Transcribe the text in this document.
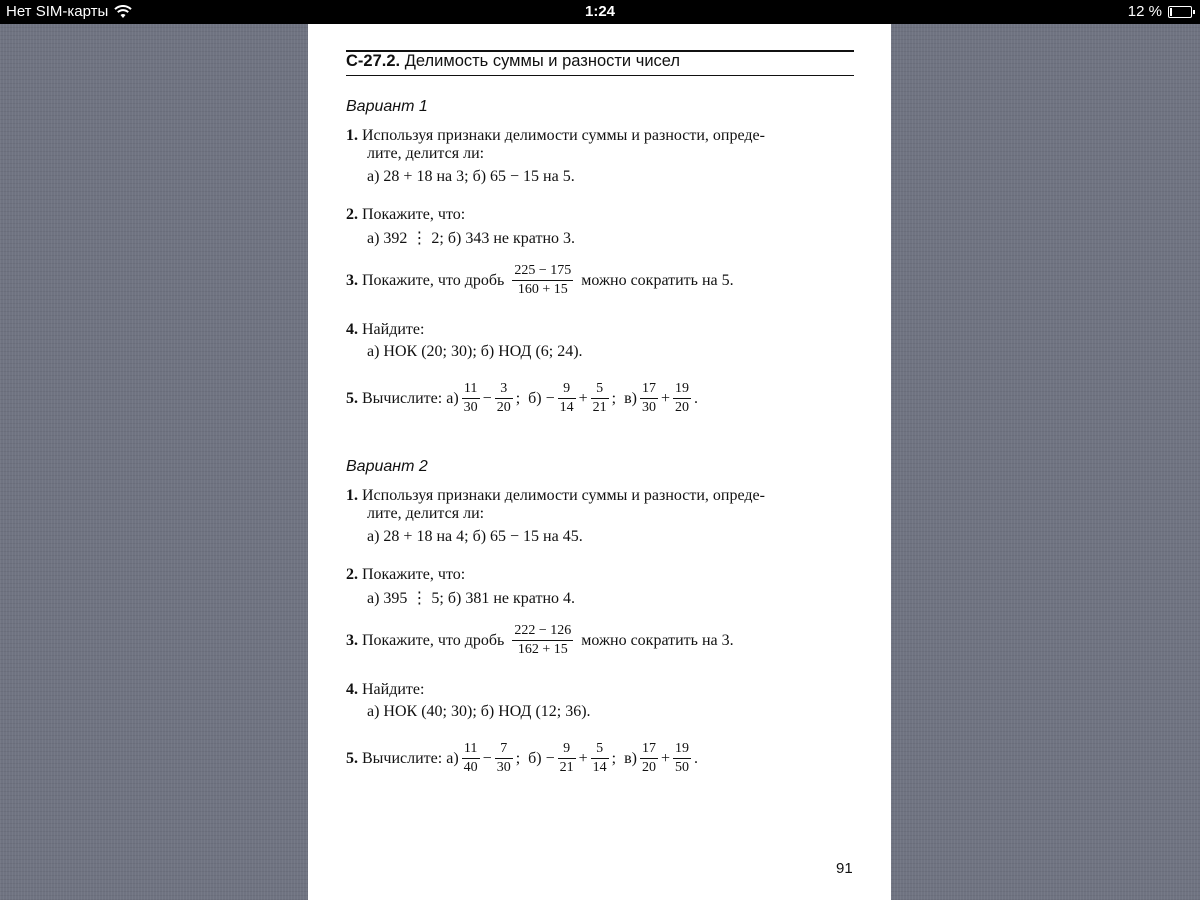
Нет SIM-карты	1:24	12 %
С-27.2. Делимость суммы и разности чисел
Вариант 1
1. Используя признаки делимости суммы и разности, опреде-
лите, делится ли:
а) 28 + 18 на 3; б) 65 − 15 на 5.
2. Покажите, что:
а) 392 ⋮ 2; б) 343 не кратно 3.
3.
Покажите, что дробь $\frac{225 - 175}{160 + 15}$ можно сократить на 5.
4. Найдите:
а) НОК (20; 30); б) НОД (6; 24).
5.
Вычислите:
$а) \frac{11}{30} - \frac{3}{20}$ ;
б)
− $\frac{9}{14} + \frac{5}{21}$ ;
$в) \frac{17}{30} + \frac{19}{20}$ .
Вариант 2
1. Используя признаки делимости суммы и разности, опреде-
лите, делится ли:
а) 28 + 18 на 4; б) 65 − 15 на 45.
2. Покажите, что:
а) 395 ⋮ 5; б) 381 не кратно 4.
3.
Покажите, что дробь $\frac{222 - 126}{162 + 15}$ можно сократить на 3.
4. Найдите:
а) НОК (40; 30); б) НОД (12; 36).
5.
Вычислите:
$а) \frac{11}{40} - \frac{7}{30}$ ;
б)
− $\frac{9}{21} + \frac{5}{14}$ ;
$в) \frac{17}{20} + \frac{19}{50}$ .
91
